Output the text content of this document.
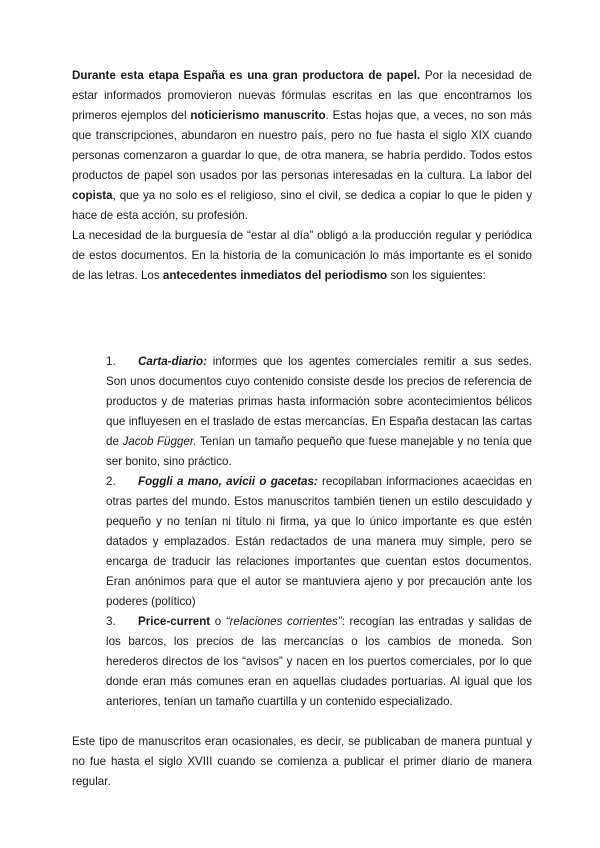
Durante esta etapa España es una gran productora de papel. Por la necesidad de estar informados promovieron nuevas fórmulas escritas en las que encontramos los primeros ejemplos del noticierismo manuscrito. Estas hojas que, a veces, no son más que transcripciones, abundaron en nuestro país, pero no fue hasta el siglo XIX cuando personas comenzaron a guardar lo que, de otra manera, se habría perdido. Todos estos productos de papel son usados por las personas interesadas en la cultura. La labor del copista, que ya no solo es el religioso, sino el civil, se dedica a copiar lo que le piden y hace de esta acción, su profesión.

La necesidad de la burguesía de “estar al día” obligó a la producción regular y periódica de estos documentos. En la historia de la comunicación lo más importante es el sonido de las letras. Los antecedentes inmediatos del periodismo son los siguientes:

1. Carta-diario: informes que los agentes comerciales remitir a sus sedes. Son unos documentos cuyo contenido consiste desde los precios de referencia de productos y de materias primas hasta información sobre acontecimientos bélicos que influyesen en el traslado de estas mercancías. En España destacan las cartas de Jacob Függer. Tenían un tamaño pequeño que fuese manejable y no tenía que ser bonito, sino práctico.
2. Foggli a mano, avicii o gacetas: recopilaban informaciones acaecidas en otras partes del mundo. Estos manuscritos también tienen un estilo descuidado y pequeño y no tenían ni título ni firma, ya que lo único importante es que estén datados y emplazados. Están redactados de una manera muy simple, pero se encarga de traducir las relaciones importantes que cuentan estos documentos. Eran anónimos para que el autor se mantuviera ajeno y por precaución ante los poderes (político)
3. Price-current o “relaciones corrientes”: recogían las entradas y salidas de los barcos, los precios de las mercancías o los cambios de moneda. Son herederos directos de los “avisos” y nacen en los puertos comerciales, por lo que donde eran más comunes eran en aquellas ciudades portuarias. Al igual que los anteriores, tenían un tamaño cuartilla y un contenido especializado.

Este tipo de manuscritos eran ocasionales, es decir, se publicaban de manera puntual y no fue hasta el siglo XVIII cuando se comienza a publicar el primer diario de manera regular.
